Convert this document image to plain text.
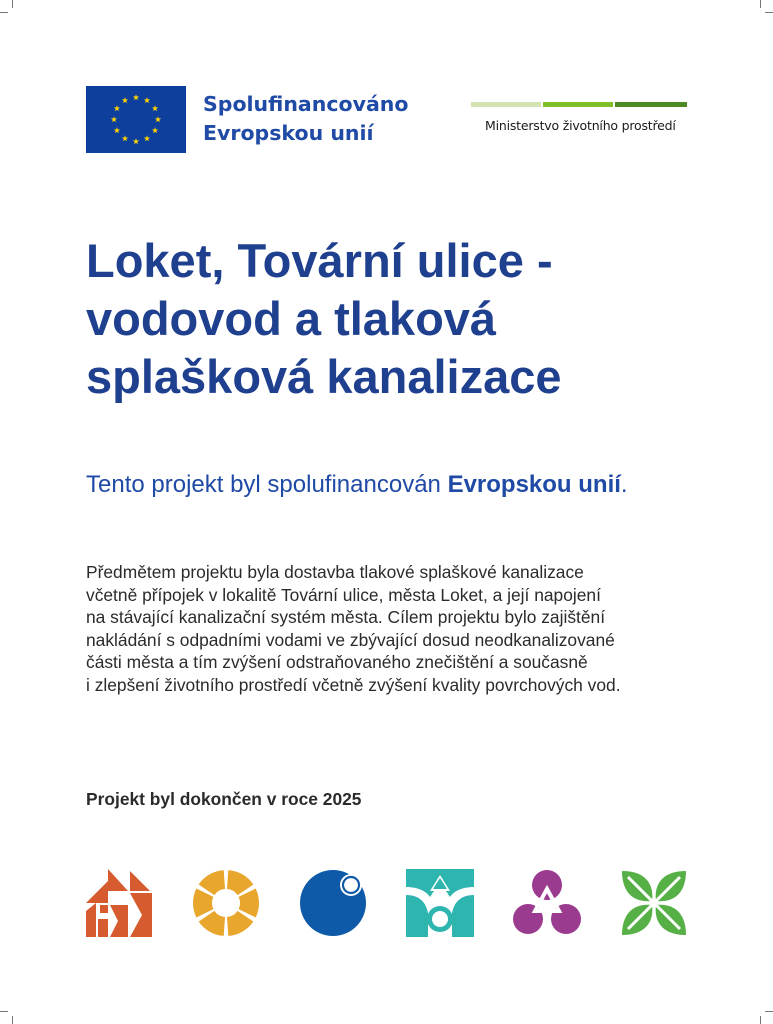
Spolufinancováno
Evropskou unií	Ministerstvo životního prostředí
Loket, Tovární ulice -
vodovod a tlaková
splašková kanalizace

Tento projekt byl spolufinancován Evropskou unií.

Předmětem projektu byla dostavba tlakové splaškové kanalizace
včetně přípojek v lokalitě Tovární ulice, města Loket, a její napojení
na stávající kanalizační systém města. Cílem projektu bylo zajištění
nakládání s odpadními vodami ve zbývající dosud neodkanalizované
části města a tím zvýšení odstraňovaného znečištění a současně
i zlepšení životního prostředí včetně zvýšení kvality povrchových vod.

Projekt byl dokončen v roce 2025
